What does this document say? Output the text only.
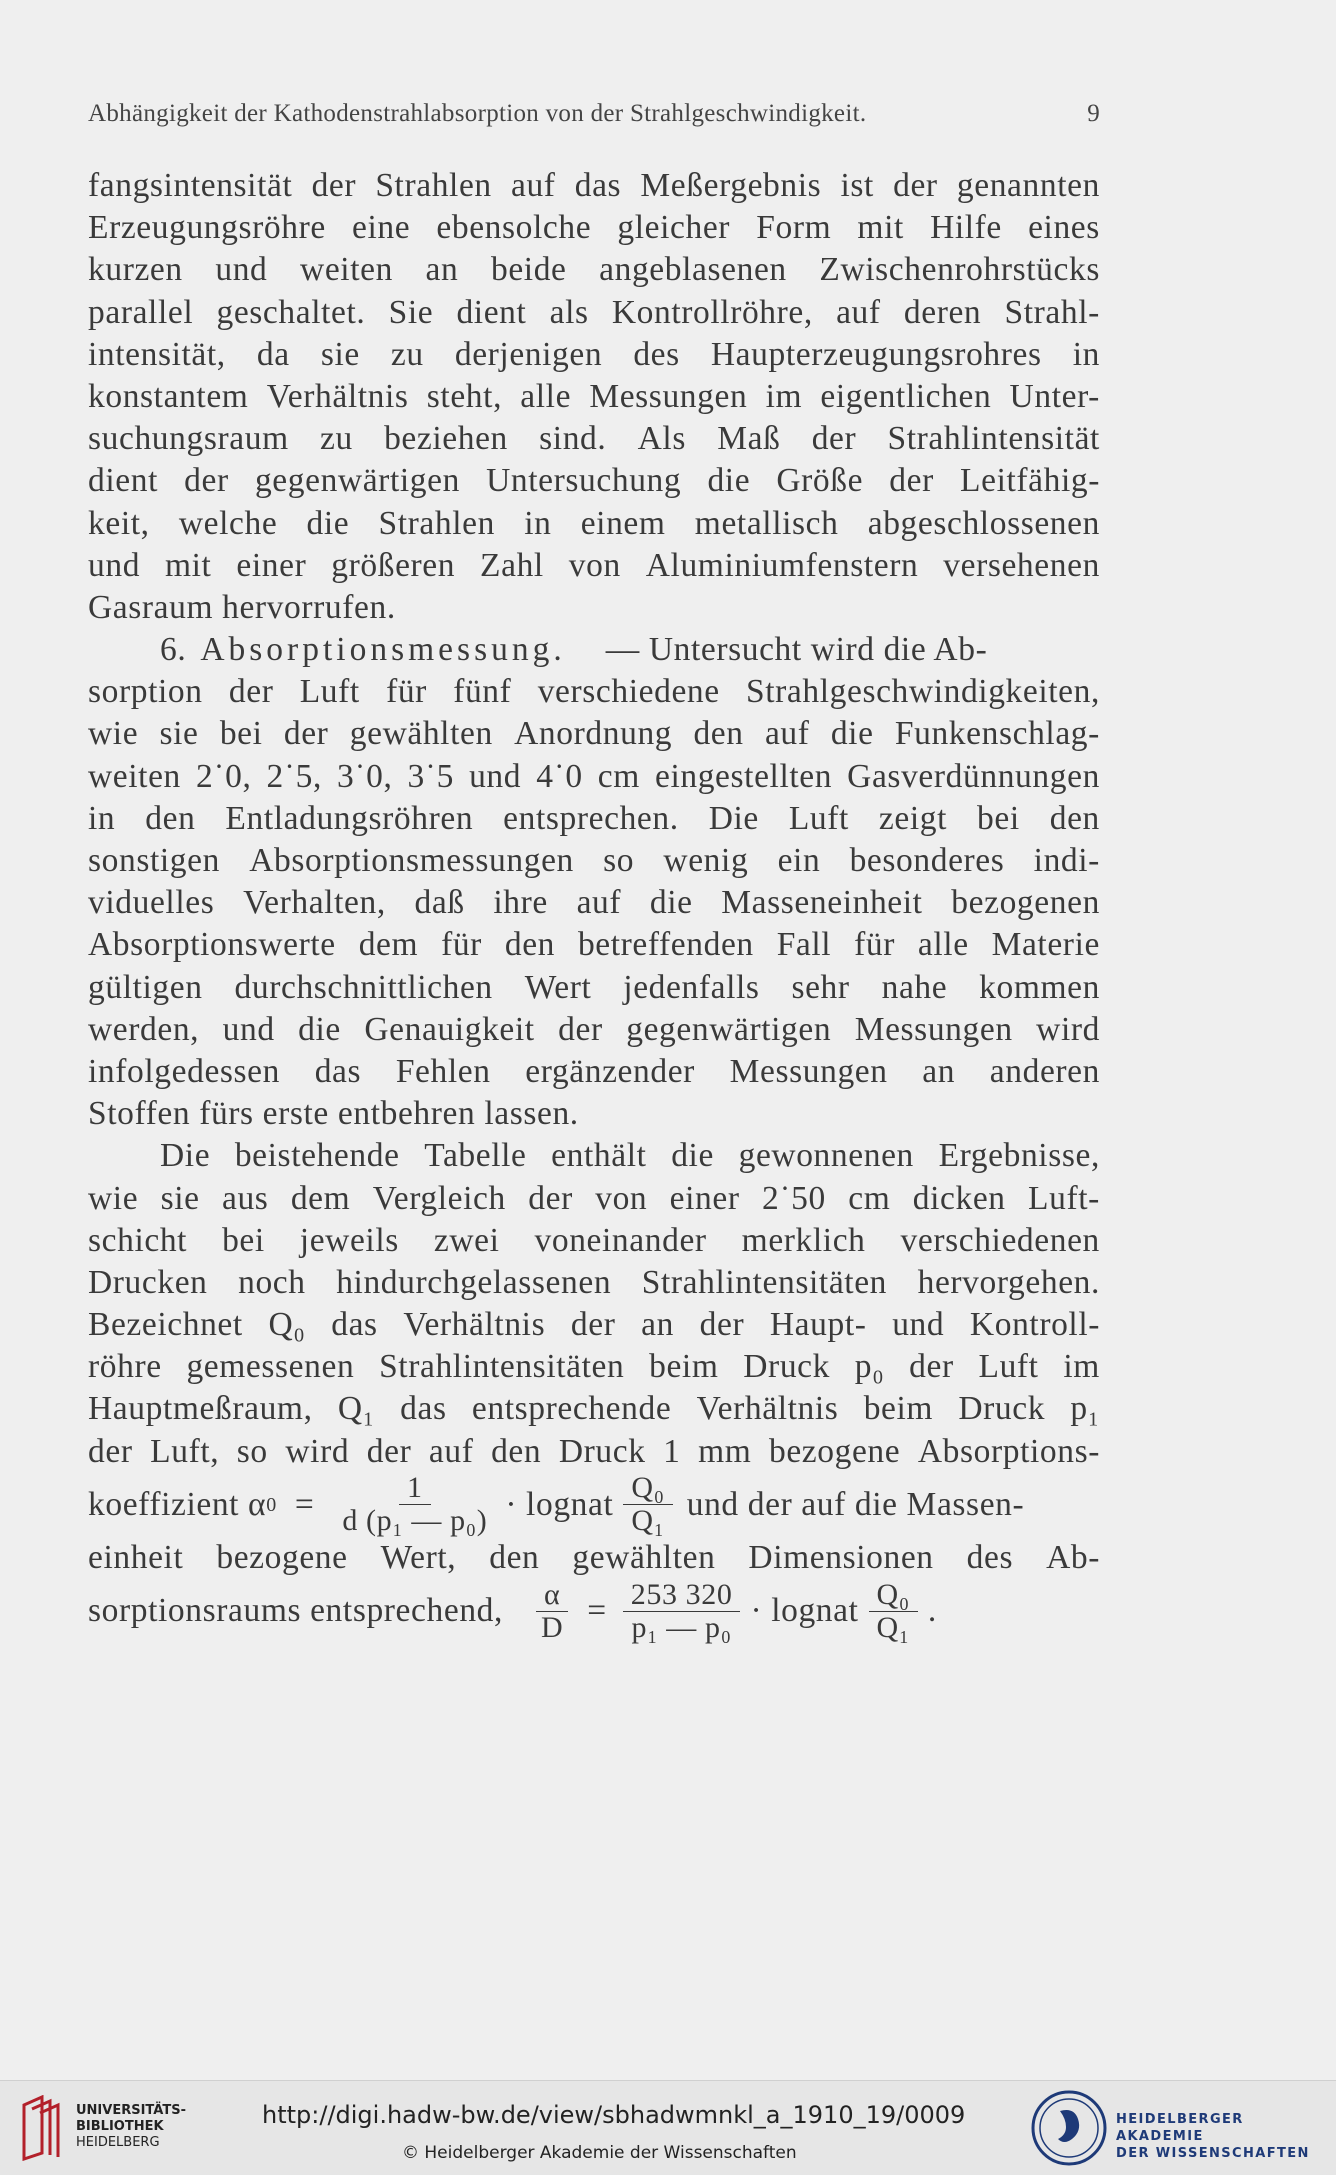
Abhängigkeit der Kathodenstrahlabsorption von der Strahlgeschwindigkeit.	9
fangsintensität der Strahlen auf das Meßergebnis ist der genannten
Erzeugungsröhre eine ebensolche gleicher Form mit Hilfe eines
kurzen und weiten an beide angeblasenen Zwischenrohrstücks
parallel geschaltet. Sie dient als Kontrollröhre, auf deren Strahl-
intensität, da sie zu derjenigen des Haupterzeugungsrohres in
konstantem Verhältnis steht, alle Messungen im eigentlichen Unter-
suchungsraum zu beziehen sind. Als Maß der Strahlintensität
dient der gegenwärtigen Untersuchung die Größe der Leitfähig-
keit, welche die Strahlen in einem metallisch abgeschlossenen
und mit einer größeren Zahl von Aluminiumfenstern versehenen
Gasraum hervorrufen.
6. Absorptionsmessung. — Untersucht wird die Ab-
sorption der Luft für fünf verschiedene Strahlgeschwindigkeiten,
wie sie bei der gewählten Anordnung den auf die Funkenschlag-
weiten 2˙0, 2˙5, 3˙0, 3˙5 und 4˙0 cm eingestellten Gasverdünnungen
in den Entladungsröhren entsprechen. Die Luft zeigt bei den
sonstigen Absorptionsmessungen so wenig ein besonderes indi-
viduelles Verhalten, daß ihre auf die Masseneinheit bezogenen
Absorptionswerte dem für den betreffenden Fall für alle Materie
gültigen durchschnittlichen Wert jedenfalls sehr nahe kommen
werden, und die Genauigkeit der gegenwärtigen Messungen wird
infolgedessen das Fehlen ergänzender Messungen an anderen
Stoffen fürs erste entbehren lassen.
Die beistehende Tabelle enthält die gewonnenen Ergebnisse,
wie sie aus dem Vergleich der von einer 2˙50 cm dicken Luft-
schicht bei jeweils zwei voneinander merklich verschiedenen
Drucken noch hindurchgelassenen Strahlintensitäten hervorgehen.
Bezeichnet Q₀ das Verhältnis der an der Haupt- und Kontroll-
röhre gemessenen Strahlintensitäten beim Druck p₀ der Luft im
Hauptmeßraum, Q₁ das entsprechende Verhältnis beim Druck p₁
der Luft, so wird der auf den Druck 1 mm bezogene Absorptions-
koeffizient α $0 = \frac{1}{\text{d (p₁ — p₀)}}$ · lognat $\frac{\text{Q₀}}{\text{Q₁}}$ und der auf die Massen-
einheit bezogene Wert, den gewählten Dimensionen des Ab-
sorptionsraums entsprechend, $\frac{\alpha}{D} = \frac{253 320}{\text{p₁ — p₀}}$ · lognat $\frac{\text{Q₀}}{\text{Q₁}}$ .
UNIVERSITÄTS-
BIBLIOTHEK
HEIDELBERG
http://digi.hadw-bw.de/view/sbhadwmnkl_a_1910_19/0009
© Heidelberger Akademie der Wissenschaften
HEIDELBERGER AKADEMIE
DER WISSENSCHAFTEN
